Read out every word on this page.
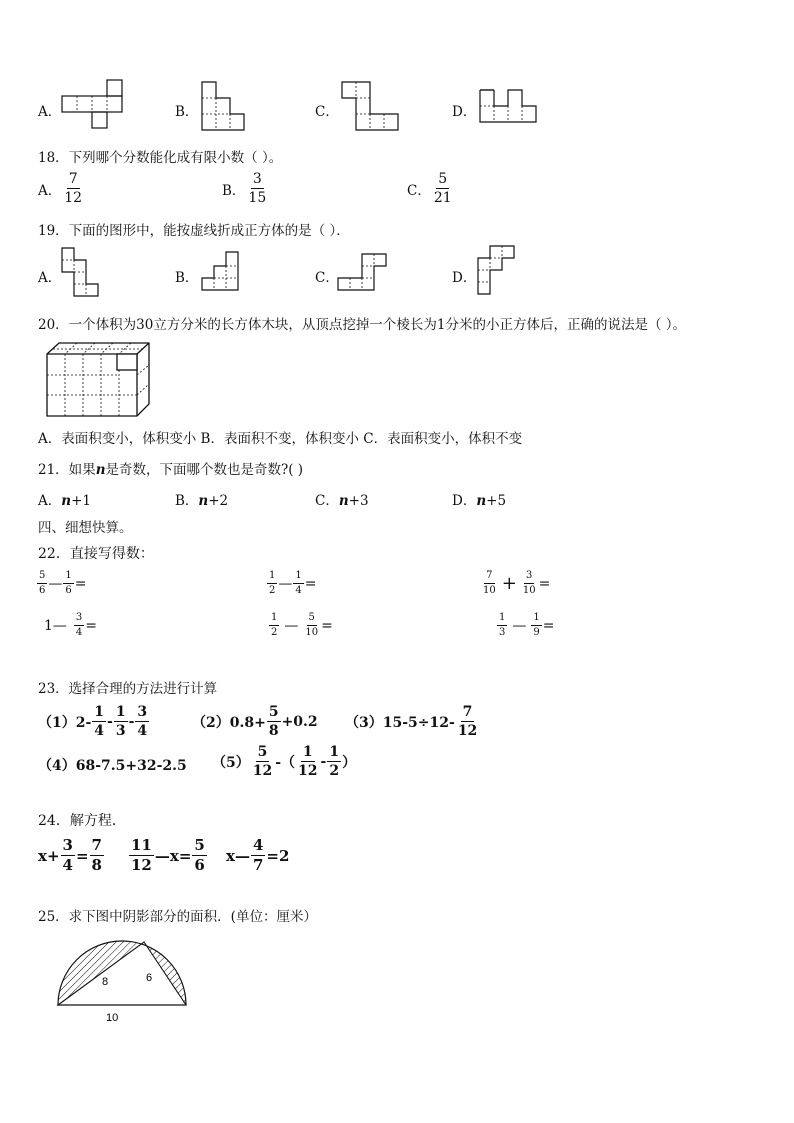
A．	B．	C．	D．
18．下列哪个分数能化成有限小数（ ）。
A． $\frac{7}{12}$	B． $\frac{3}{15}$	C． $\frac{5}{21}$
19．下面的图形中，能按虚线折成正方体的是（ ）．
A．	B．	C．	D．
20．一个体积为30立方分米的长方体木块，从顶点挖掉一个棱长为1分米的小正方体后，正确的说法是（ ）。
A．表面积变小，体积变小 B．表面积不变，体积变小 C．表面积变小，体积不变
21．如果n是奇数，下面哪个数也是奇数?( )
A．n+1	B．n+2	C．n+3	D．n+5
四、细想快算。
22．直接写得数：
$\frac{5}{6}$ — $\frac{1}{6}$ =	$\frac{1}{2}$ — $\frac{1}{4}$ =	$\frac{7}{10} + \frac{3}{10}$ =
1— $\frac{3}{4}$ =	$\frac{1}{2}$ — $\frac{5}{10}$ =	$\frac{1}{3}$ — $\frac{1}{9}$ =
23．选择合理的方法进行计算
$(1)2- \frac{1}{4} - \frac{1}{3} - \frac{3}{4}$	$(2)0.8+ \frac{5}{8} +0.2$ $(3)15-5\div 12- \frac{7}{12}$
（4）68-7.5+32-2.5 $(5) \frac{5}{12}$ -（ $\frac{1}{12} - \frac{1}{2}$ ）
24．解方程．
$x+ \frac{3}{4} = \frac{7}{8} \frac{11}{12}$ —x= $\frac{5}{6}$ x— $\frac{4}{7} =2$
25．求下图中阴影部分的面积．(单位：厘米）
8	6
10
